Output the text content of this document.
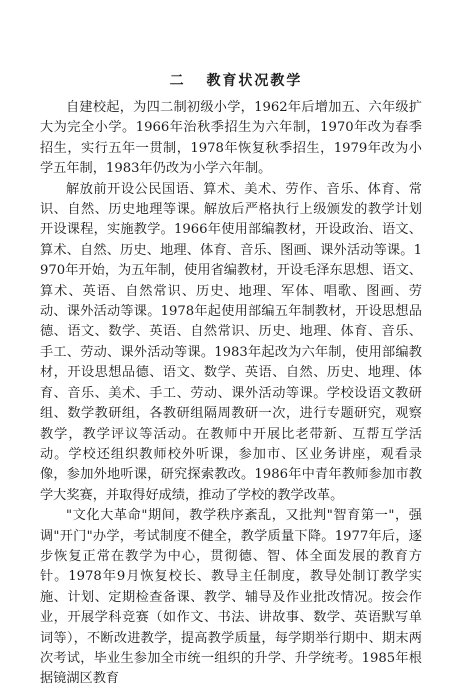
二 教育状况教学

自建校起，为四二制初级小学，1962年后增加五、六年级扩大为完全小学。1966年治秋季招生为六年制，1970年改为春季招生，实行五年一贯制，1978年恢复秋季招生，1979年改为小学五年制，1983年仍改为小学六年制。

解放前开设公民国语、算术、美术、劳作、音乐、体育、常识、自然、历史地理等课。解放后严格执行上级颁发的教学计划开设课程，实施教学。1966年使用部编教材，开设政治、语文、算术、自然、历史、地理、体育、音乐、图画、课外活动等课。1970年开始，为五年制，使用省编教材，开设毛泽东思想、语文、算术、英语、自然常识、历史、地理、军体、唱歌、图画、劳动、课外活动等课。1978年起使用部编五年制教材，开设思想品德、语文、数学、英语、自然常识、历史、地理、体育、音乐、手工、劳动、课外活动等课。1983年起改为六年制，使用部编教材，开设思想品德、语文、数学、英语、自然、历史、地理、体育、音乐、美术、手工、劳动、课外活动等课。学校设语文教研组、数学教研组，各教研组隔周教研一次，进行专题研究，观察教学，教学评议等活动。在教师中开展比老带新、互帮互学活动。学校还组织教师校外听课，参加市、区业务讲座，观看录像，参加外地听课，研究探索教改。1986年中青年教师参加市教学大奖赛，并取得好成绩，推动了学校的教学改革。

"文化大革命"期间，教学秩序紊乱，又批判"智育第一"，强调"开门"办学，考试制度不健全，教学质量下降。1977年后，逐步恢复正常在教学为中心，贯彻德、智、体全面发展的教育方针。1978年9月恢复校长、教导主任制度，教导处制订教学实施、计划、定期检查备课、教学、辅导及作业批改情况。按会作业，开展学科竞赛（如作文、书法、讲故事、数学、英语默写单词等），不断改进教学，提高教学质量，每学期举行期中、期末两次考试，毕业生参加全市统一组织的升学、升学统考。1985年根据镜湖区教育
